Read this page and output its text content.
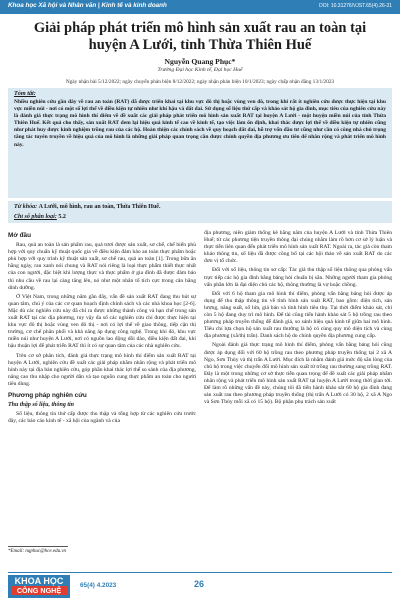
Khoa học Xã hội và Nhân văn | Kinh tế và kinh doanh	DOI: 10.31276/VJST.65(4).26-31
Giải pháp phát triển mô hình sản xuất rau an toàn tại huyện A Lưới, tỉnh Thừa Thiên Huế
Nguyễn Quang Phục*
Trường Đại học Kinh tế, Đại học Huế
Ngày nhận bài 5/12/2022; ngày chuyển phản biện 8/12/2022; ngày nhận phản biện 10/1/2023; ngày chấp nhận đăng 13/1/2023
Tóm tắt:
Nhiều nghiên cứu gần đây về rau an toàn (RAT) đã được triển khai tại khu vực đô thị hoặc vùng ven đô, trong khi rất ít nghiên cứu được thực hiện tại khu vực miền núi - nơi có một số lợi thế về điều kiện tự nhiên như khí hậu và đất đai. Sử dụng số liệu thứ cấp và khảo sát hộ gia đình, mục tiêu của nghiên cứu này là đánh giá thực trạng mô hình thí điểm về đề xuất các giải pháp phát triển mô hình sản xuất RAT tại huyện A Lưới - một huyện miền núi của tỉnh Thừa Thiên Huế. Kết quả cho thấy, sản xuất RAT đem lại hiệu quả kinh tế cao về kinh tế, tạo việc làm ổn định, khai thác được lợi thế về điều kiện tự nhiên cũng như phát huy được kinh nghiệm trồng rau của các hộ. Hoàn thiện các chính sách về quy hoạch đất đai, hỗ trợ vốn đầu tư cũng như cần có công nhà chủ trọng tăng tác tuyên truyền về hiệu quả của mô hình là những giải pháp quan trọng cần được chính quyền địa phương ưu tiên để nhân rộng và phát triển mô hình này.
Từ khóa: A Lưới, mô hình, rau an toàn, Thừa Thiên Huế.
Chỉ số phân loại: 5.2
Mở đầu

Rau, quả an toàn là sản phẩm rau, quả tươi được sản xuất, sơ chế, chế biến phù hợp với quy chuẩn kỹ thuật quốc gia về điều kiện đảm bảo an toàn thực phẩm hoặc phù hợp với quy trình kỹ thuật sản xuất, sơ chế rau, quả an toàn [1]. Trong bữa ăn hằng ngày, rau xanh nói chung và RAT nói riêng là loại thực phẩm thiết thực nhất của con người, đặc biệt khi lượng thực và thực phẩm ở gia đình đã được đảm bảo thì nhu cầu về rau lại càng tăng lên, nó như một nhân tố tích cực trong cân bằng dinh dưỡng.

Ở Việt Nam, trong những năm gần đây, vấn đề sản xuất RAT đang thu hút sự quan tâm, chú ý của các cơ quan hoạch định chính sách và các nhà khoa học [2-6]. Mặc dù các nghiên cứu này đã chỉ ra được những thành công và hạn chế trong sản xuất RAT tại các địa phương, tuy vậy đa số các nghiên cứu chỉ được thực hiện tại khu vực đô thị hoặc vùng ven đô thị - nơi có lợi thế về giao thông, tiếp cận thị trường, cơ chế phân phối và khả năng áp dụng công nghệ. Trong khi đó, khu vực miền núi như huyện A Lưới, nơi có nguồn lao động dồi dào, điều kiện đất đai, khí hậu thuận lợi để phát triển RAT thì ít có sự quan tâm của các nhà nghiên cứu.

Trên cơ sở phân tích, đánh giá thực trạng mô hình thí điểm sản xuất RAT tại huyện A Lưới, nghiên cứu đề xuất các giải pháp nhằm nhân rộng và phát triển mô hình này tại địa bàn nghiên cứu, góp phần khai thác lợi thế so sánh của địa phương, nâng cao thu nhập cho người dân và tạo nguồn cung thực phẩm an toàn cho người tiêu dùng.

Phương pháp nghiên cứu
Thu thập số liệu, thông tin

Số liệu, thông tin thứ cấp được thu thập và tổng hợp từ các nghiên cứu trước đây, các báo cáo kinh tế - xã hội của ngành và của

*Email: nqphuc@hce.edu.vn

địa phương, niên giám thống kê hằng năm của huyện A Lưới và tỉnh Thừa Thiên Huế; từ các phương tiện truyền thông đại chúng nhằm làm rõ hơn cơ sở lý luận và thực tiễn liên quan đến phát triển mô hình sản xuất RAT. Ngoài ra, tác giả còn tham khảo thông tin, số liệu đã được công bố tại các hội thảo về sản xuất RAT do các đơn vị tổ chức.

Đối với số liệu, thông tin sơ cấp: Tác giả thu thập số liệu thông qua phỏng vấn trực tiếp các hộ gia đình bằng bảng hỏi chuẩn bị sẵn. Những người tham gia phỏng vấn phần lớn là đại diện chủ các hộ, thông thường là vợ hoặc chồng.

Đối với 6 hộ tham gia mô hình thí điểm, phỏng vấn bằng bảng hỏi được áp dụng để thu thập thông tin về tình hình sản xuất RAT, bao gồm: diện tích, sản lượng, năng suất, số lứa, giá bán và tình hình tiêu thụ. Tại thời điểm khảo sát, chỉ còn 5 hộ đang duy trì mô hình. Để tài cũng tiến hành khảo sát 5 hộ trồng rau theo phương pháp truyền thống để đánh giá, so sánh hiệu quả kinh tế giữa hai mô hình. Tiêu chí lựa chọn hộ sản xuất rau thường là hộ có cùng quy mô diện tích và cùng địa phương (xã/thị trấn). Danh sách hộ do chính quyền địa phương cung cấp.

Ngoài đánh giá thực trạng mô hình thí điểm, phỏng vấn bằng bảng hỏi cũng được áp dụng đối với 60 hộ trồng rau theo phương pháp truyền thống tại 2 xã A Ngo, Sơn Thủy và thị trấn A Lưới. Mục đích là nhằm đánh giá mức độ sẵn lòng của chủ hộ trong việc chuyển đổi mô hình sản xuất từ trồng rau thường sang trồng RAT. Đây là một trong những cơ sở thực tiễn quan trọng để đề xuất các giải pháp nhằm nhân rộng và phát triển mô hình sản xuất RAT tại huyện A Lưới trong thời gian tới. Để làm rõ những vấn đề này, chúng tôi đã tiến hành khảo sát 60 hộ gia đình đang sản xuất rau theo phương pháp truyền thống (thị trấn A Lưới có 30 hộ, 2 xã A Ngo và Sơn Thủy mỗi xã có 15 hộ). Bộ phận phụ trách sản xuất

KHOA HỌC
CÔNG NGHỆ
65(4) 4.2023	26
